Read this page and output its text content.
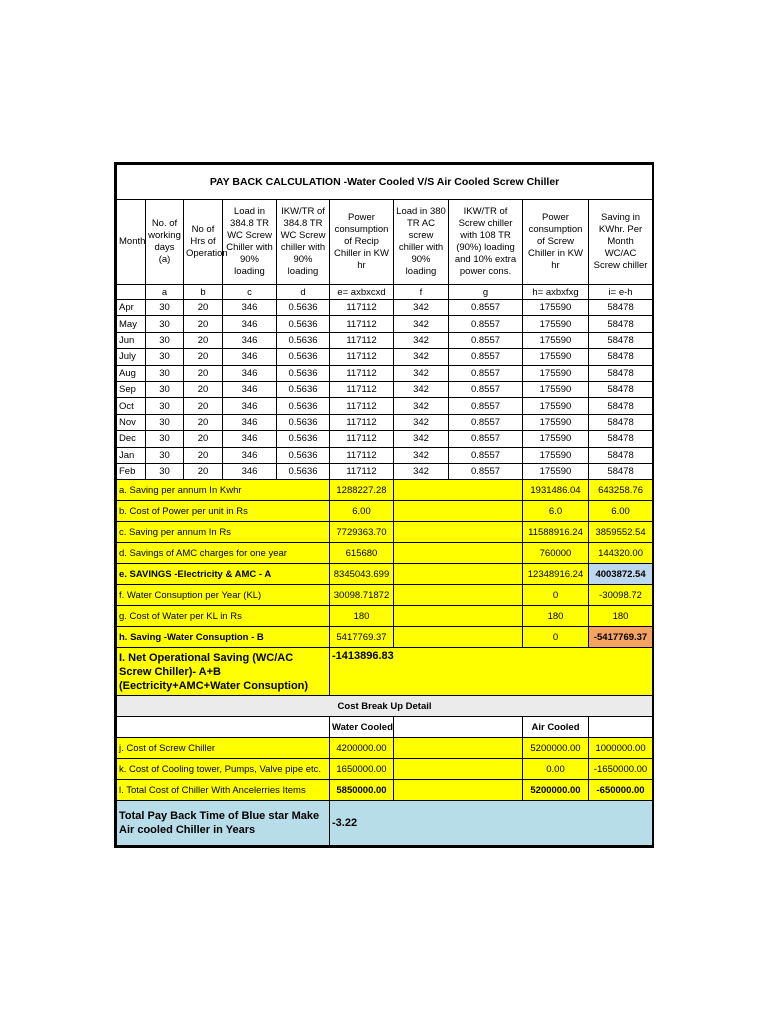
PAY BACK CALCULATION -Water Cooled V/S Air Cooled Screw Chiller									
Month	No. of working days (a)	No of Hrs of Operation	Load in 384.8 TR WC Screw Chiller with 90% loading	IKW/TR of 384.8 TR WC Screw chiller with 90% loading	Power consumption of Recip Chiller in KW hr	Load in 380 TR AC screw chiller with 90% loading	IKW/TR of Screw chiller with 108 TR (90%) loading and 10% extra power cons.	Power consumption of Screw Chiller in KW hr	Saving in KWhr. Per Month WC/AC Screw chiller
	a	b	c	d	e= axbxcxd	f	g	h= axbxfxg	i= e-h
Apr	30	20	346	0.5636	117112	342	0.8557	175590	58478
May	30	20	346	0.5636	117112	342	0.8557	175590	58478
Jun	30	20	346	0.5636	117112	342	0.8557	175590	58478
July	30	20	346	0.5636	117112	342	0.8557	175590	58478
Aug	30	20	346	0.5636	117112	342	0.8557	175590	58478
Sep	30	20	346	0.5636	117112	342	0.8557	175590	58478
Oct	30	20	346	0.5636	117112	342	0.8557	175590	58478
Nov	30	20	346	0.5636	117112	342	0.8557	175590	58478
Dec	30	20	346	0.5636	117112	342	0.8557	175590	58478
Jan	30	20	346	0.5636	117112	342	0.8557	175590	58478
Feb	30	20	346	0.5636	117112	342	0.8557	175590	58478
a. Saving per annum In Kwhr					1288227.28			1931486.04	643258.76
b. Cost of Power per unit in Rs					6.00			6.0	6.00
c. Saving per annum In Rs					7729363.70			11588916.24	3859552.54
d. Savings of AMC charges for one year					615680			760000	144320.00
e. SAVINGS -Electricity & AMC - A					8345043.699			12348916.24	4003872.54
f. Water Consuption per Year (KL)					30098.71872			0	-30098.72
g. Cost of Water per KL in Rs					180			180	180
h. Saving -Water Consuption - B					5417769.37			0	-5417769.37
I. Net Operational Saving (WC/AC Screw Chiller)- A+B (Eectricity+AMC+Water Consuption)					-1413896.83				
Cost Break Up Detail									
					Water Cooled			Air Cooled	
j. Cost of Screw Chiller					4200000.00			5200000.00	1000000.00
k. Cost of Cooling tower, Pumps, Valve pipe etc.					1650000.00			0.00	-1650000.00
l. Total Cost of Chiller With Ancelerries Items					5850000.00			5200000.00	-650000.00
Total Pay Back Time of Blue star Make Air cooled Chiller in Years					-3.22				
